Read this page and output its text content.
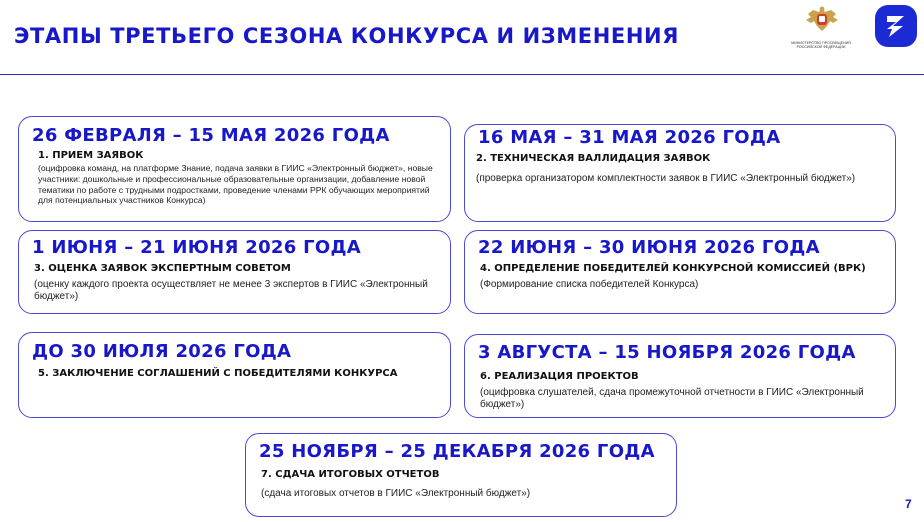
ЭТАПЫ ТРЕТЬЕГО СЕЗОНА КОНКУРСА И ИЗМЕНЕНИЯ	МИНИСТЕРСТВО ПРОСВЕЩЕНИЯ РОССИЙСКОЙ ФЕДЕРАЦИИ
26 ФЕВРАЛЯ – 15 МАЯ 2026 ГОДА
1. ПРИЕМ ЗАЯВОК
(оцифровка команд, на платформе Знание, подача заявки в ГИИС «Электронный бюджет», новые участники: дошкольные и профессиональные образовательные организации, добавление новой тематики по работе с трудными подростками, проведение членами РРК обучающих мероприятий для потенциальных участников Конкурса)
16 МАЯ – 31 МАЯ 2026 ГОДА
2. ТЕХНИЧЕСКАЯ ВАЛЛИДАЦИЯ ЗАЯВОК
(проверка организатором комплектности заявок в ГИИС «Электронный бюджет»)
1 ИЮНЯ – 21 ИЮНЯ 2026 ГОДА
3. ОЦЕНКА ЗАЯВОК ЭКСПЕРТНЫМ СОВЕТОМ
(оценку каждого проекта осуществляет не менее 3 экспертов в ГИИС «Электронный бюджет»)
22 ИЮНЯ – 30 ИЮНЯ 2026 ГОДА
4. ОПРЕДЕЛЕНИЕ ПОБЕДИТЕЛЕЙ КОНКУРСНОЙ КОМИССИЕЙ (ВРК)
(Формирование списка победителей Конкурса)
ДО 30 ИЮЛЯ 2026 ГОДА
5. ЗАКЛЮЧЕНИЕ СОГЛАШЕНИЙ С ПОБЕДИТЕЛЯМИ КОНКУРСА
3 АВГУСТА – 15 НОЯБРЯ 2026 ГОДА
6. РЕАЛИЗАЦИЯ ПРОЕКТОВ
(оцифровка слушателей, сдача промежуточной отчетности в ГИИС «Электронный бюджет»)
25 НОЯБРЯ – 25 ДЕКАБРЯ 2026 ГОДА
7. СДАЧА ИТОГОВЫХ ОТЧЕТОВ
(сдача итоговых отчетов в ГИИС «Электронный бюджет»)
7
